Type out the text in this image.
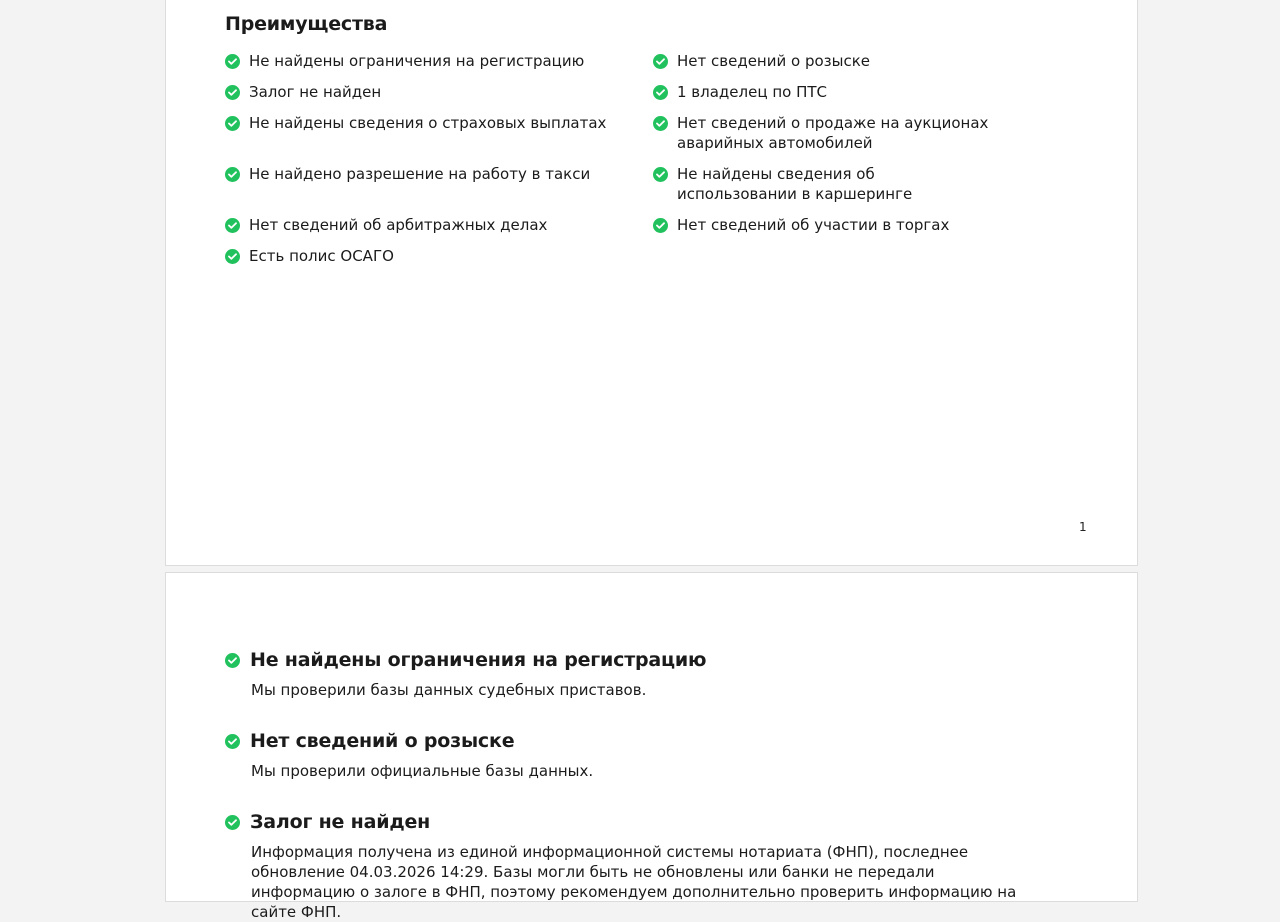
Преимущества
Не найдены ограничения на регистрацию
Залог не найден
Не найдены сведения о страховых выплатах
Не найдено разрешение на работу в такси
Нет сведений об арбитражных делах
Есть полис ОСАГО
Нет сведений о розыске
1 владелец по ПТС
Нет сведений о продаже на аукционах аварийных автомобилей
Не найдены сведения об использовании в каршеринге
Нет сведений об участии в торгах
1
Не найдены ограничения на регистрацию
Мы проверили базы данных судебных приставов.
Нет сведений о розыске
Мы проверили официальные базы данных.
Залог не найден
Информация получена из единой информационной системы нотариата (ФНП), последнее обновление 04.03.2026 14:29. Базы могли быть не обновлены или банки не передали информацию о залоге в ФНП, поэтому рекомендуем дополнительно проверить информацию на сайте ФНП.
